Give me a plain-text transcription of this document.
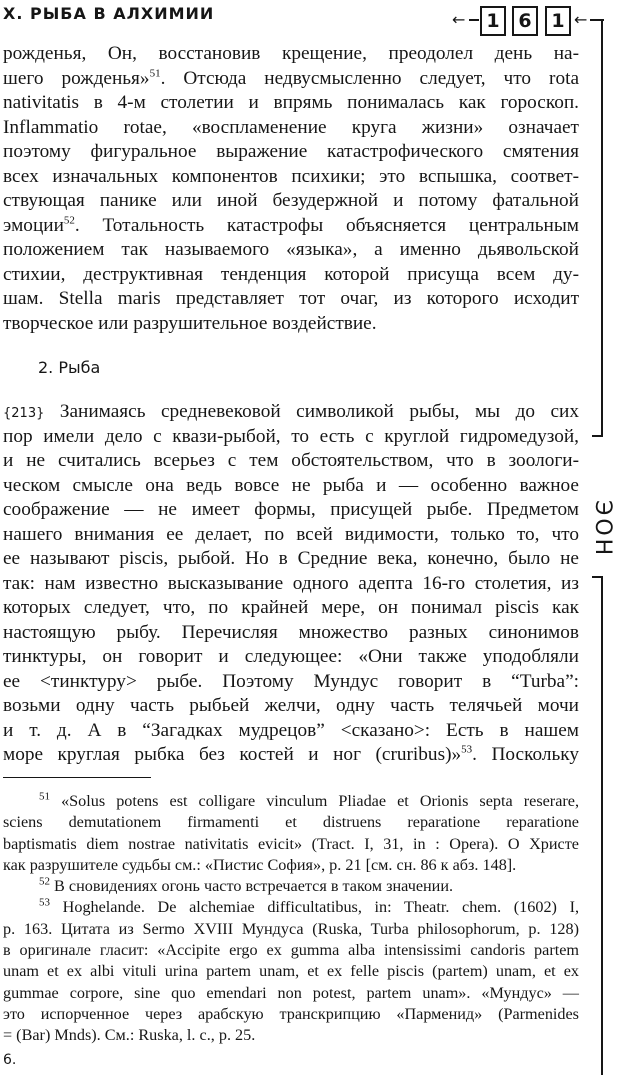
Х. РЫБА В АЛХИМИИ	←	1 6	1 ←
ЭОН
рожденья, Он, восстановив крещение, преодолел день на-
шего рожденья»$^{51}$. Отсюда недвусмысленно следует, что rota
nativitatis в 4-м столетии и впрямь понималась как гороскоп.
Inflammatio rotae, «воспламенение круга жизни» означает
поэтому фигуральное выражение катастрофического смятения
всех изначальных компонентов психики; это вспышка, соответ-
ствующая панике или иной безудержной и потому фатальной
эмоции$^{52}$. Тотальность катастрофы объясняется центральным
положением так называемого «языка», а именно дьявольской
стихии, деструктивная тенденция которой присуща всем ду-
шам. Stella maris представляет тот очаг, из которого исходит
творческое или разрушительное воздействие.
2. Рыба
{213} Занимаясь средневековой символикой рыбы, мы до сих
пор имели дело с квази-рыбой, то есть с круглой гидромедузой,
и не считались всерьез с тем обстоятельством, что в зоологи-
ческом смысле она ведь вовсе не рыба и — особенно важное
соображение — не имеет формы, присущей рыбе. Предметом
нашего внимания ее делает, по всей видимости, только то, что
ее называют piscis, рыбой. Но в Средние века, конечно, было не
так: нам известно высказывание одного адепта 16-го столетия, из
которых следует, что, по крайней мере, он понимал piscis как
настоящую рыбу. Перечисляя множество разных синонимов
тинктуры, он говорит и следующее: «Они также уподобляли
ее <тинктуру> рыбе. Поэтому Мундус говорит в “Turba”:
возьми одну часть рыбьей желчи, одну часть телячьей мочи
и т. д. А в “Загадках мудрецов” <сказано>: Есть в нашем
море круглая рыбка без костей и ног (cruribus)»$^{53}$. Поскольку
$^{51}$ «Solus potens est colligare vinculum Pliadae et Orionis septa reserare,
sciens demutationem firmamenti et distruens reparatione reparatione
baptismatis diem nostrae nativitatis evicit» (Tract. I, 31, in : Opera). О Христе
как разрушителе судьбы см.: «Пистис София», p. 21 [см. сн. 86 к абз. 148].
$^{52}$ В сновидениях огонь часто встречается в таком значении.
$^{53}$ Hoghelande. De alchemiae difficultatibus, in: Theatr. chem. (1602) I,
p. 163. Цитата из Sermo XVIII Мундуса (Ruska, Turba philosophorum, p. 128)
в оригинале гласит: «Accipite ergo ex gumma alba intensissimi candoris partem
unam et ex albi vituli urina partem unam, et ex felle piscis (partem) unam, et ex
gummae corpore, sine quo emendari non potest, partem unam». «Мундус» —
это испорченное через арабскую транскрипцию «Парменид» (Parmenides
= (Bar) Mnds). См.: Ruska, l. c., p. 25.
6.
